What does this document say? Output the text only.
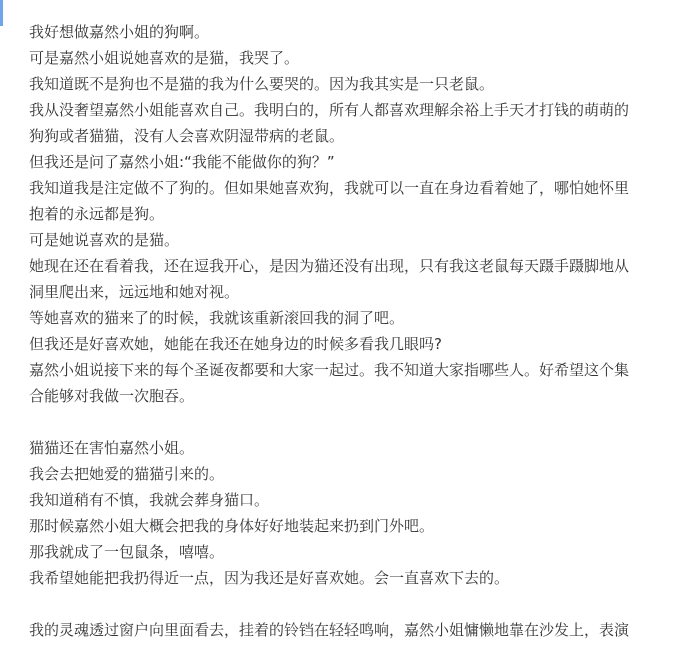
我好想做嘉然小姐的狗啊。
可是嘉然小姐说她喜欢的是猫，我哭了。
我知道既不是狗也不是猫的我为什么要哭的。因为我其实是一只老鼠。
我从没奢望嘉然小姐能喜欢自己。我明白的，所有人都喜欢理解余裕上手天才打钱的萌萌的
狗狗或者猫猫，没有人会喜欢阴湿带病的老鼠。
但我还是问了嘉然小姐:“我能不能做你的狗？”
我知道我是注定做不了狗的。但如果她喜欢狗，我就可以一直在身边看着她了，哪怕她怀里
抱着的永远都是狗。
可是她说喜欢的是猫。
她现在还在看着我，还在逗我开心，是因为猫还没有出现，只有我这老鼠每天蹑手蹑脚地从
洞里爬出来，远远地和她对视。
等她喜欢的猫来了的时候，我就该重新滚回我的洞了吧。
但我还是好喜欢她，她能在我还在她身边的时候多看我几眼吗?
嘉然小姐说接下来的每个圣诞夜都要和大家一起过。我不知道大家指哪些人。好希望这个集
合能够对我做一次胞吞。
猫猫还在害怕嘉然小姐。
我会去把她爱的猫猫引来的。
我知道稍有不慎，我就会葬身猫口。
那时候嘉然小姐大概会把我的身体好好地装起来扔到门外吧。
那我就成了一包鼠条，嘻嘻。
我希望她能把我扔得近一点，因为我还是好喜欢她。会一直喜欢下去的。
我的灵魂透过窗户向里面看去，挂着的铃铛在轻轻鸣响，嘉然小姐慵懒地靠在沙发上，表演
